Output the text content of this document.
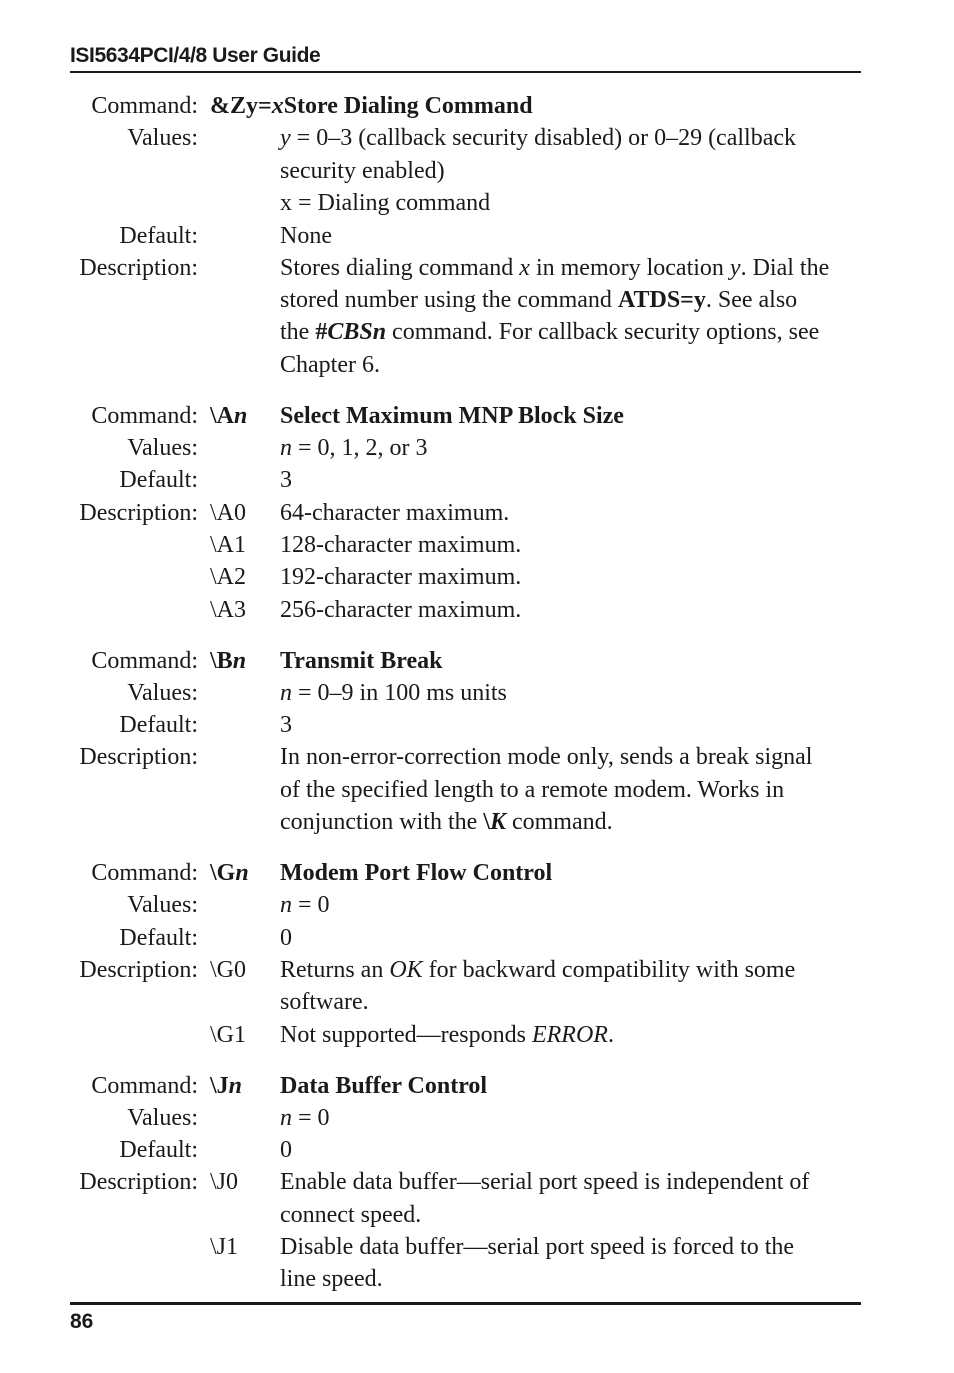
ISI5634PCI/4/8 User Guide
Command: &Zy=xStore Dialing Command
Values:	y = 0–3 (callback security disabled) or 0–29 (callback
security enabled)
x = Dialing command
Default:	None
Description:	Stores dialing command x in memory location y. Dial the
stored number using the command ATDS=y. See also
the #CBSn command. For callback security options, see
Chapter 6.
Command: \An Select Maximum MNP Block Size
Values:	n = 0, 1, 2, or 3
Default:	3
Description: \A0 64-character maximum.
\A1 128-character maximum.
\A2 192-character maximum.
\A3 256-character maximum.
Command: \Bn Transmit Break
Values:	n = 0–9 in 100 ms units
Default:	3
Description:	In non-error-correction mode only, sends a break signal
of the specified length to a remote modem. Works in
conjunction with the \K command.
Command: \Gn Modem Port Flow Control
Values:	n = 0
Default:	0
Description: \G0 Returns an OK for backward compatibility with some
software.
\G1 Not supported—responds ERROR.
Command: \Jn Data Buffer Control
Values:	n = 0
Default:	0
Description: \J0 Enable data buffer—serial port speed is independent of
connect speed.
\J1 Disable data buffer—serial port speed is forced to the
line speed.
86
